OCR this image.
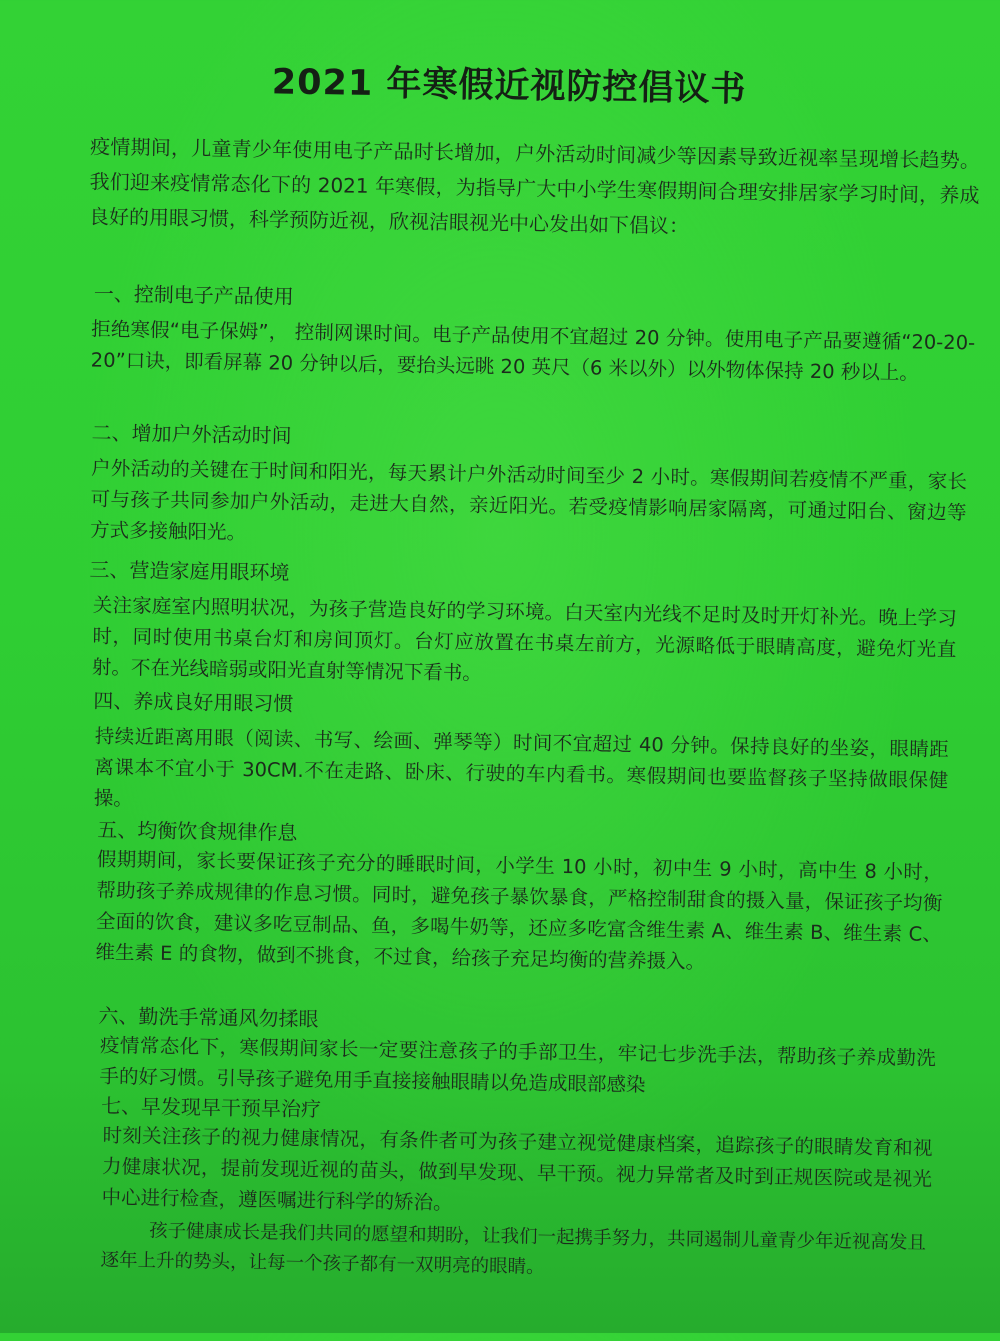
2021 年寒假近视防控倡议书
疫情期间，儿童青少年使用电子产品时长增加，户外活动时间减少等因素导致近视率呈现增长趋势。我们迎来疫情常态化下的 2021 年寒假，为指导广大中小学生寒假期间合理安排居家学习时间，养成良好的用眼习惯，科学预防近视，欣视洁眼视光中心发出如下倡议：
一、控制电子产品使用
拒绝寒假“电子保姆”， 控制网课时间。电子产品使用不宜超过 20 分钟。使用电子产品要遵循“20-20-20”口诀，即看屏幕 20 分钟以后，要抬头远眺 20 英尺（6 米以外）以外物体保持 20 秒以上。
二、增加户外活动时间
户外活动的关键在于时间和阳光，每天累计户外活动时间至少 2 小时。寒假期间若疫情不严重，家长可与孩子共同参加户外活动，走进大自然，亲近阳光。若受疫情影响居家隔离，可通过阳台、窗边等方式多接触阳光。
三、营造家庭用眼环境
关注家庭室内照明状况，为孩子营造良好的学习环境。白天室内光线不足时及时开灯补光。晚上学习时，同时使用书桌台灯和房间顶灯。台灯应放置在书桌左前方，光源略低于眼睛高度，避免灯光直射。不在光线暗弱或阳光直射等情况下看书。
四、养成良好用眼习惯
持续近距离用眼（阅读、书写、绘画、弹琴等）时间不宜超过 40 分钟。保持良好的坐姿，眼睛距离课本不宜小于 30CM.不在走路、卧床、行驶的车内看书。寒假期间也要监督孩子坚持做眼保健操。
五、均衡饮食规律作息
假期期间，家长要保证孩子充分的睡眠时间，小学生 10 小时，初中生 9 小时，高中生 8 小时，帮助孩子养成规律的作息习惯。同时，避免孩子暴饮暴食，严格控制甜食的摄入量，保证孩子均衡全面的饮食，建议多吃豆制品、鱼，多喝牛奶等，还应多吃富含维生素 A、维生素 B、维生素 C、维生素 E 的食物，做到不挑食，不过食，给孩子充足均衡的营养摄入。
六、勤洗手常通风勿揉眼
疫情常态化下，寒假期间家长一定要注意孩子的手部卫生，牢记七步洗手法，帮助孩子养成勤洗手的好习惯。引导孩子避免用手直接接触眼睛以免造成眼部感染
七、早发现早干预早治疗
时刻关注孩子的视力健康情况，有条件者可为孩子建立视觉健康档案，追踪孩子的眼睛发育和视力健康状况，提前发现近视的苗头，做到早发现、早干预。视力异常者及时到正规医院或是视光中心进行检查，遵医嘱进行科学的矫治。
孩子健康成长是我们共同的愿望和期盼，让我们一起携手努力，共同遏制儿童青少年近视高发且逐年上升的势头，让每一个孩子都有一双明亮的眼睛。
